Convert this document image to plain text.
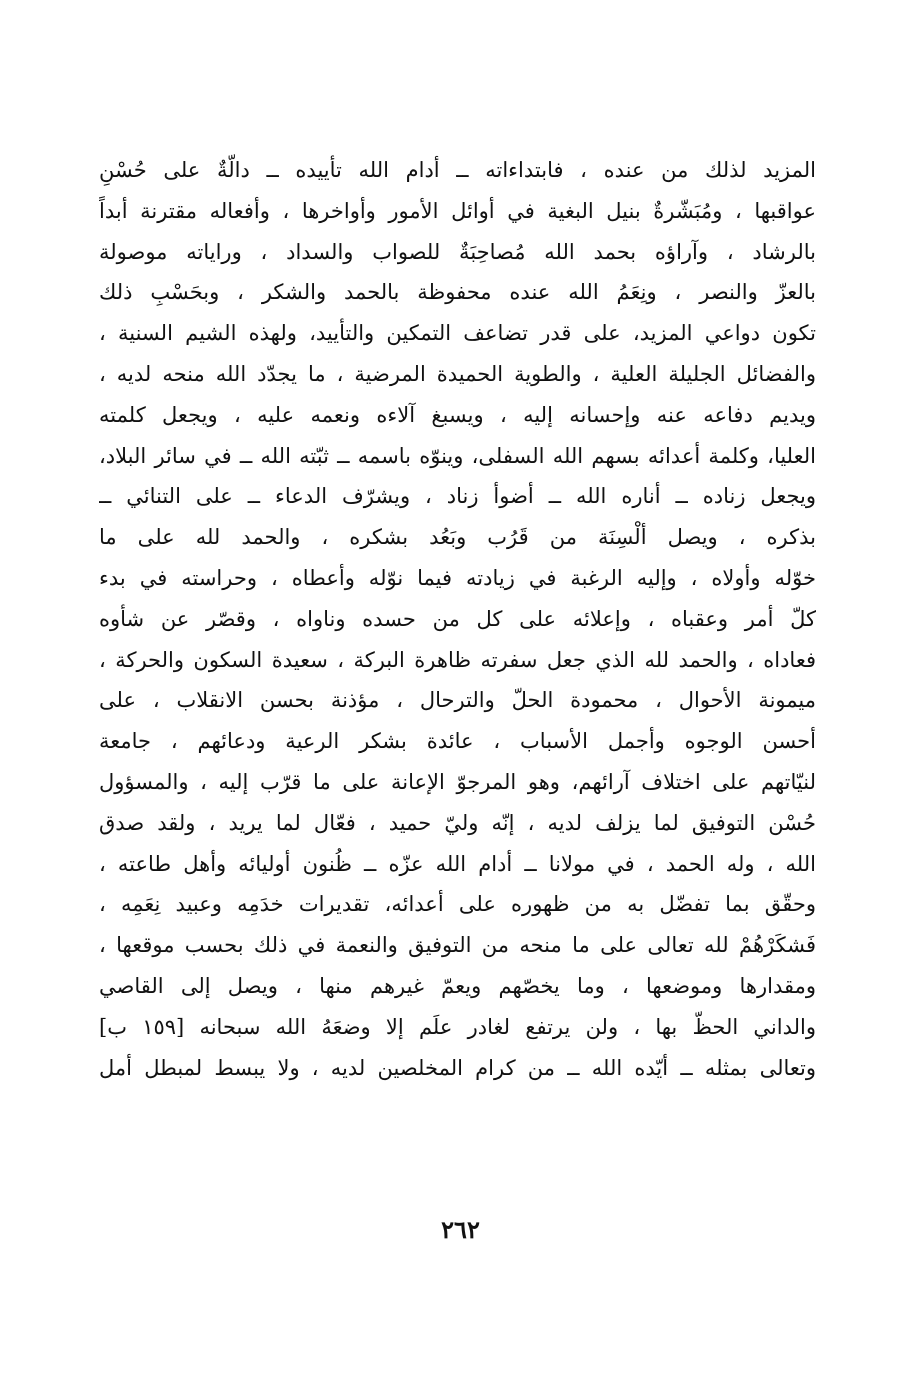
المزيد لذلك من عنده ، فابتداءاته ــ أدام الله تأييده ــ دالّةٌ على حُسْنِ
عواقبها ، ومُبَشّرةٌ بنيل البغية في أوائل الأمور وأواخرها ، وأفعاله مقترنة أبداً
بالرشاد ، وآراؤه بحمد الله مُصاحِبَةٌ للصواب والسداد ، وراياته موصولة
بالعزّ والنصر ، ونِعَمُ الله عنده محفوظة بالحمد والشكر ، وبحَسْبِ ذلك
تكون دواعي المزيد، على قدر تضاعف التمكين والتأييد، ولهذه الشيم السنية ،
والفضائل الجليلة العلية ، والطوية الحميدة المرضية ، ما يجدّد الله منحه لديه ،
ويديم دفاعه عنه وإحسانه إليه ، ويسبغ آلاءه ونعمه عليه ، ويجعل كلمته
العليا، وكلمة أعدائه بسهم الله السفلى، وينوّه باسمه ــ ثبّته الله ــ في سائر البلاد،
ويجعل زناده ــ أناره الله ــ أضوأ زناد ، ويشرّف الدعاء ــ على التنائي ــ
بذكره ، ويصل ألْسِنَة من قَرُب وبَعُد بشكره ، والحمد لله على ما
خوّله وأولاه ، وإليه الرغبة في زيادته فيما نوّله وأعطاه ، وحراسته في بدء
كلّ أمر وعقباه ، وإعلائه على كل من حسده وناواه ، وقصّر عن شأوه
فعاداه ، والحمد لله الذي جعل سفرته ظاهرة البركة ، سعيدة السكون والحركة ،
ميمونة الأحوال ، محمودة الحلّ والترحال ، مؤذنة بحسن الانقلاب ، على
أحسن الوجوه وأجمل الأسباب ، عائدة بشكر الرعية ودعائهم ، جامعة
لنيّاتهم على اختلاف آرائهم، وهو المرجوّ الإعانة على ما قرّب إليه ، والمسؤول
حُسْن التوفيق لما يزلف لديه ، إنّه وليّ حميد ، فعّال لما يريد ، ولقد صدق
الله ، وله الحمد ، في مولانا ــ أدام الله عزّه ــ ظُنون أوليائه وأهل طاعته ،
وحقّق بما تفضّل به من ظهوره على أعدائه، تقديرات خدَمِه وعبيد نِعَمِه ،
فَشكَرْهُمْ لله تعالى على ما منحه من التوفيق والنعمة في ذلك بحسب موقعها ،
ومقدارها وموضعها ، وما يخصّهم ويعمّ غيرهم منها ، ويصل إلى القاصي
والداني الحظّ بها ، ولن يرتفع لغادر علَم إلا وضعَهُ الله سبحانه [١٥٩ ب]
وتعالى بمثله ــ أيّده الله ــ من كرام المخلصين لديه ، ولا يبسط لمبطل أمل
٢٦٢
